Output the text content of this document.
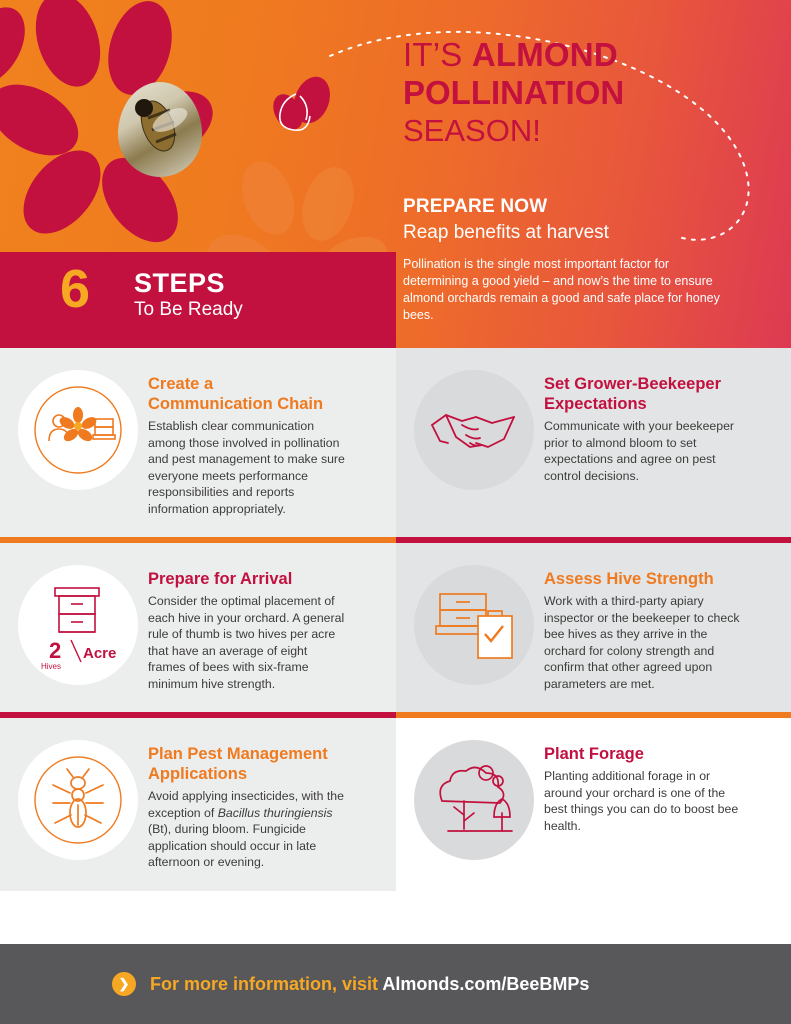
IT’S ALMOND
POLLINATION
SEASON!
PREPARE NOW
Reap benefits at harvest
Pollination is the single most important factor for determining a good yield – and now’s the time to ensure almond orchards remain a good and safe place for honey bees.
6 STEPS
To Be Ready
Create a
Communication Chain
Establish clear communication among those involved in pollination and pest management to make sure everyone meets performance responsibilities and reports information appropriately.
Set Grower-Beekeeper
Expectations
Communicate with your beekeeper prior to almond bloom to set expectations and agree on pest control decisions.
2
Hives
Acre
Prepare for Arrival
Consider the optimal placement of each hive in your orchard. A general rule of thumb is two hives per acre that have an average of eight frames of bees with six-frame minimum hive strength.
Assess Hive Strength
Work with a third-party apiary inspector or the beekeeper to check bee hives as they arrive in the orchard for colony strength and confirm that other agreed upon parameters are met.
Plan Pest Management
Applications
Avoid applying insecticides, with the exception of Bacillus thuringiensis (Bt), during bloom. Fungicide application should occur in late afternoon or evening.
Plant Forage
Planting additional forage in or around your orchard is one of the best things you can do to boost bee health.
❯	For more information, visit Almonds.com/BeeBMPs
